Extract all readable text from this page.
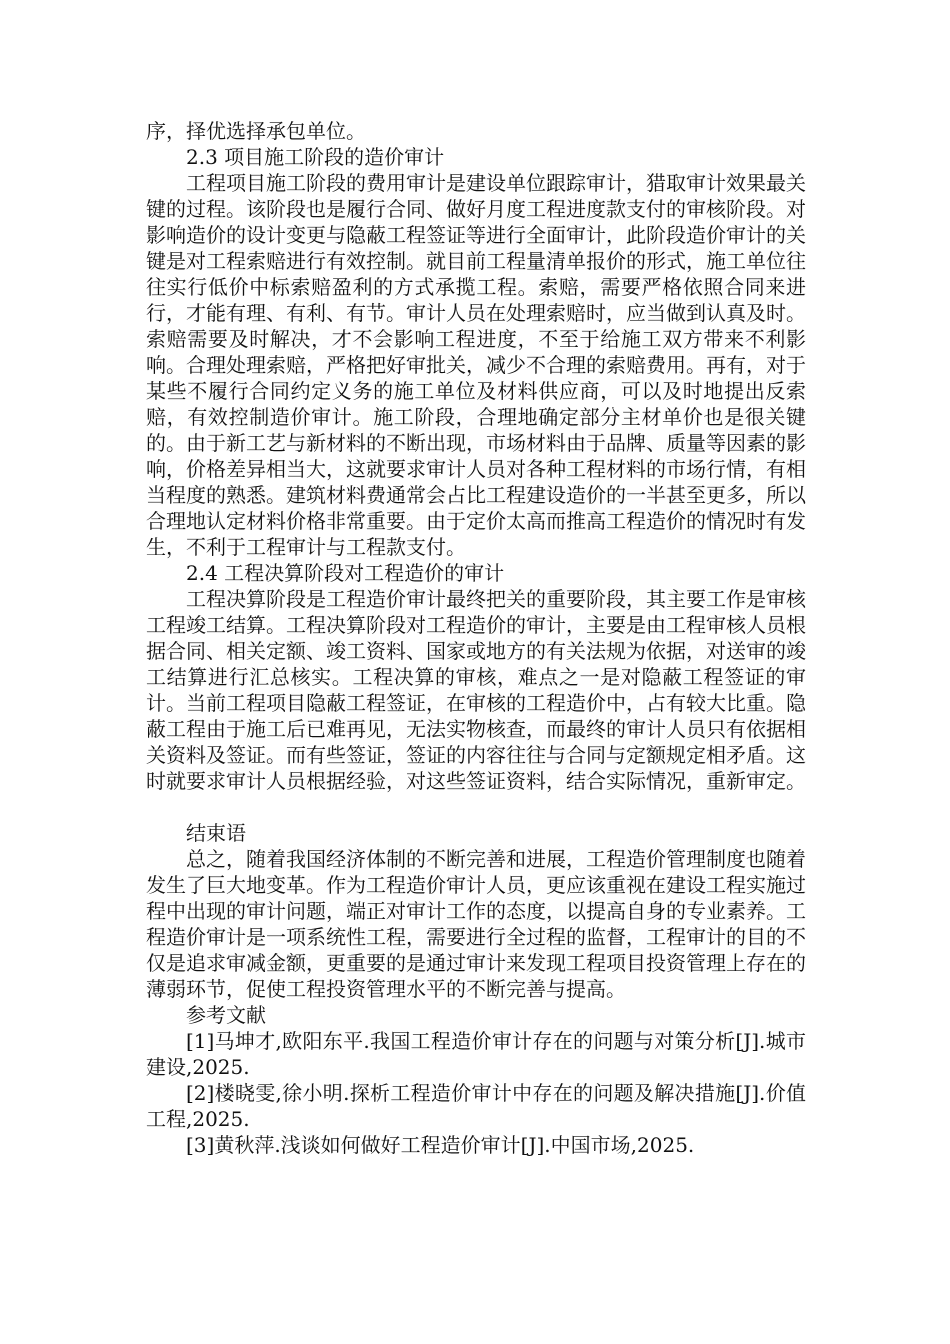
序，择优选择承包单位。

2.3 项目施工阶段的造价审计

工程项目施工阶段的费用审计是建设单位跟踪审计，猎取审计效果最关键的过程。该阶段也是履行合同、做好月度工程进度款支付的审核阶段。对影响造价的设计变更与隐蔽工程签证等进行全面审计，此阶段造价审计的关键是对工程索赔进行有效控制。就目前工程量清单报价的形式，施工单位往往实行低价中标索赔盈利的方式承揽工程。索赔，需要严格依照合同来进行，才能有理、有利、有节。审计人员在处理索赔时，应当做到认真及时。索赔需要及时解决，才不会影响工程进度，不至于给施工双方带来不利影响。合理处理索赔，严格把好审批关，减少不合理的索赔费用。再有，对于某些不履行合同约定义务的施工单位及材料供应商，可以及时地提出反索赔，有效控制造价审计。施工阶段，合理地确定部分主材单价也是很关键的。由于新工艺与新材料的不断出现，市场材料由于品牌、质量等因素的影响，价格差异相当大，这就要求审计人员对各种工程材料的市场行情，有相当程度的熟悉。建筑材料费通常会占比工程建设造价的一半甚至更多，所以合理地认定材料价格非常重要。由于定价太高而推高工程造价的情况时有发生，不利于工程审计与工程款支付。

2.4 工程决算阶段对工程造价的审计

工程决算阶段是工程造价审计最终把关的重要阶段，其主要工作是审核工程竣工结算。工程决算阶段对工程造价的审计，主要是由工程审核人员根据合同、相关定额、竣工资料、国家或地方的有关法规为依据，对送审的竣工结算进行汇总核实。工程决算的审核，难点之一是对隐蔽工程签证的审计。当前工程项目隐蔽工程签证，在审核的工程造价中，占有较大比重。隐蔽工程由于施工后已难再见，无法实物核查，而最终的审计人员只有依据相关资料及签证。而有些签证，签证的内容往往与合同与定额规定相矛盾。这时就要求审计人员根据经验，对这些签证资料，结合实际情况，重新审定。

结束语

总之，随着我国经济体制的不断完善和进展，工程造价管理制度也随着发生了巨大地变革。作为工程造价审计人员，更应该重视在建设工程实施过程中出现的审计问题，端正对审计工作的态度，以提高自身的专业素养。工程造价审计是一项系统性工程，需要进行全过程的监督，工程审计的目的不仅是追求审减金额，更重要的是通过审计来发现工程项目投资管理上存在的薄弱环节，促使工程投资管理水平的不断完善与提高。

参考文献

[1]马坤才,欧阳东平.我国工程造价审计存在的问题与对策分析[J].城市建设,2025.
[2]楼晓雯,徐小明.探析工程造价审计中存在的问题及解决措施[J].价值工程,2025.
[3]黄秋萍.浅谈如何做好工程造价审计[J].中国市场,2025.
